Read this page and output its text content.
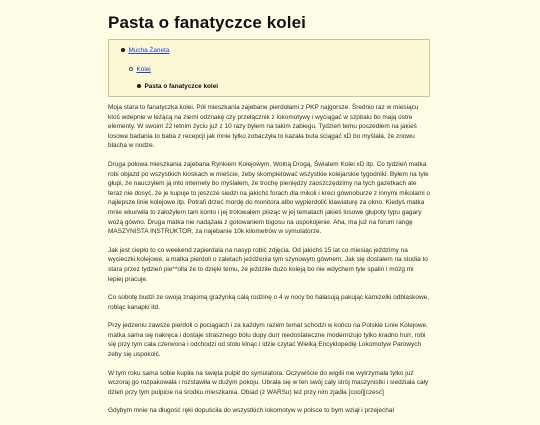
Pasta o fanatyczce kolei
Mucha Żaneta
Kolej
Pasta o fanatyczce kolei

Moja stara to fanatyczka kolei. Pół mieszkania zajebane pierdołami z PKP najgorsze. Średnio raz w miesiącu ktoś wdepnie w leżącą na ziemi odznakę czy przełącznik z lokomotywy i wyciągać w szpitalu bo mają ostre elementy. W swoim 22 letnim życiu już z 10 razy byłem na takim zabiegu. Tydzień temu poszedłem na jakieś losowe badania to baba z recepcji jak mnie tylko zobaczyła to kazała buta ściągać xD bo myślała, że znowu blacha w nodze.

Druga połowa mieszkania zajebana Rynkiem Kolejowym, Wolną Drogą, Światem Kolei xD itp. Co tydzień matka robi objazd po wszystkich kioskach w mieście, żeby skompletować wszystkie kolejarskie tygodniki. Byłem na tyle głupi, że nauczyłem ją into internety bo myślałem, że trochę pieniędzy zaoszczędzimy na tych gazetkach ale teraz nie dosyć, że je kupuje to jeszcze siedzi na jakichś forach dla mikoli i kreci gównoburze z innymi mikolami o najlepsze linie kolejowe itp. Potrafi drzeć mordę do monitora albo wypierdolić klawiaturę za okno. Kiedyś matka mnie wkurwiła to założyłem tam konto i jej trolowałem pisząc w jej tematach jakieś losowe głupoty typu gagary wożą gówno. Druga matka nie nadążała z gotowaniem bigosu na uspokojenie. Aha, ma już na forum rangę MASZYNISTA INSTRUKTOR, za najebanie 10k kilometrów w symulatorze.

Jak jest ciepło to co weekend zapierdala na nasyp robić zdjęcia. Od jakichś 15 lat co miesiąc jeździmy na wycieczki kolejowe, a matka pierdoli o zaletach jeżdżenia tym szynowym gównem. Jak się dostałem na studia to stara przez tydzień pie**olla że to dzięki temu, że jeździłe dużo koleją bo nie wdychem tyle spalin i mózg mi lepiej pracuje.

Co sobotę budzi ze swoją znajomą grażynką całą rodzinę o 4 w nocy bo hałasują pakując kamizelki odblaskowe, robiąc kanapki itd.

Przy jedzeniu zawsze pierdoli o pociągach i za każdym razem temat schodzi w końcu na Polskie Linie Kolejowe, matka sama się nakręca i dostaje strasznego bólu dupy durr niedostateczne modernizujo tylko kradno hurr, robi się przy tym cała czerwona i odchodzi od stołu klnąc i idzie czytać Wielką Encyklopedię Lokomotyw Parowych żeby się uspokoić.

W tym roku sama sobie kupiła na święta pulpit do symulatora. Oczywiście do wigilii nie wytrzymała tylko już wczoraj go rozpakowała i rozstawiła w dużym pokoju. Ubrała się w ten swój cały strój maszynistki i siedziała cały dzień przy tym pulpicie na środku mieszkania. Obiad (z WARSu) też przy nim zjadła [cool][czesć]

Gdybym mnie na długość ręki dopuściła do wszystkich lokomotyw w polsce to bym wziął i przejechał
